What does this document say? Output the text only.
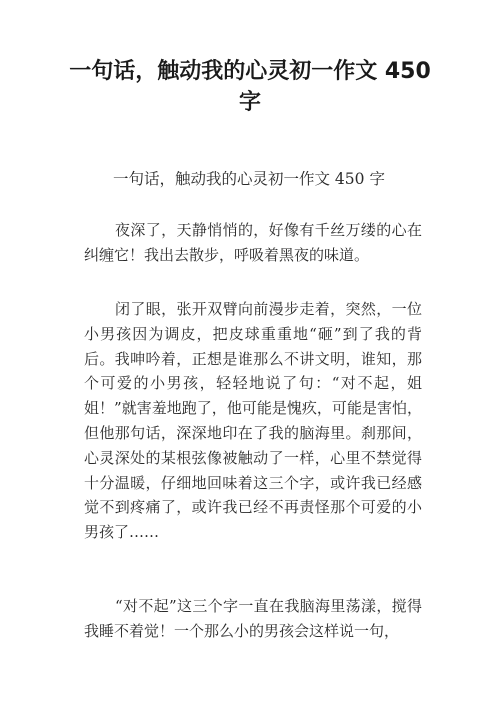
一句话，触动我的心灵初一作文 450 字

一句话，触动我的心灵初一作文 450 字

夜深了，天静悄悄的，好像有千丝万缕的心在纠缠它！我出去散步，呼吸着黑夜的味道。

闭了眼，张开双臂向前漫步走着，突然，一位小男孩因为调皮，把皮球重重地“砸”到了我的背后。我呻吟着，正想是谁那么不讲文明，谁知，那个可爱的小男孩，轻轻地说了句：“对不起，姐姐！”就害羞地跑了，他可能是愧疚，可能是害怕，但他那句话，深深地印在了我的脑海里。刹那间，心灵深处的某根弦像被触动了一样，心里不禁觉得十分温暖，仔细地回味着这三个字，或许我已经感觉不到疼痛了，或许我已经不再责怪那个可爱的小男孩了……

“对不起”这三个字一直在我脑海里荡漾，搅得我睡不着觉！一个那么小的男孩会这样说一句，
